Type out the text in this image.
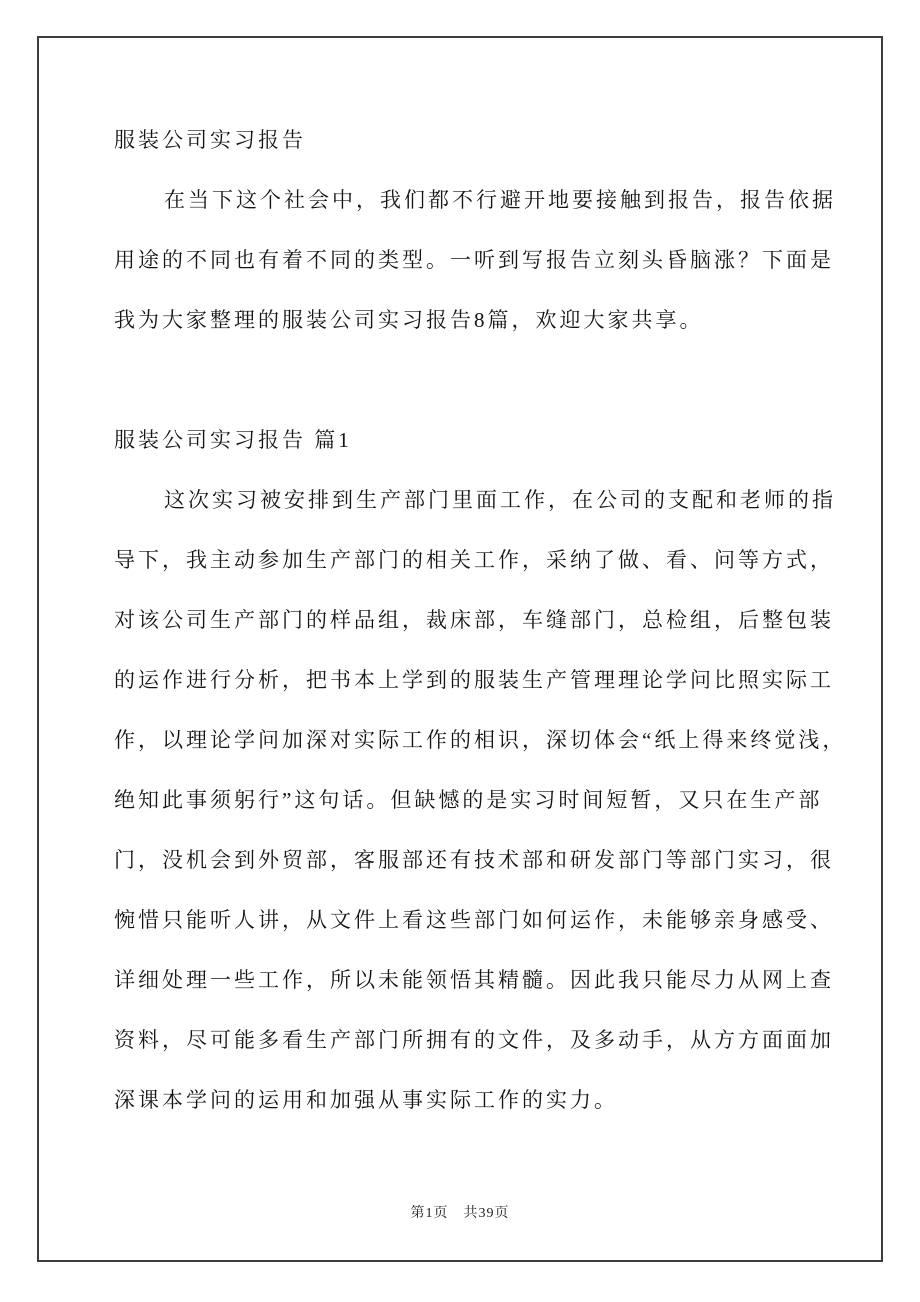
服装公司实习报告
在当下这个社会中，我们都不行避开地要接触到报告，报告依据
用途的不同也有着不同的类型。一听到写报告立刻头昏脑涨？下面是
我为大家整理的服装公司实习报告8篇，欢迎大家共享。
服装公司实习报告 篇1
这次实习被安排到生产部门里面工作，在公司的支配和老师的指
导下，我主动参加生产部门的相关工作，采纳了做、看、问等方式，
对该公司生产部门的样品组，裁床部，车缝部门，总检组，后整包装
的运作进行分析，把书本上学到的服装生产管理理论学问比照实际工
作，以理论学问加深对实际工作的相识，深切体会“纸上得来终觉浅，
绝知此事须躬行”这句话。但缺憾的是实习时间短暂，又只在生产部
门，没机会到外贸部，客服部还有技术部和研发部门等部门实习，很
惋惜只能听人讲，从文件上看这些部门如何运作，未能够亲身感受、
详细处理一些工作，所以未能领悟其精髓。因此我只能尽力从网上查
资料，尽可能多看生产部门所拥有的文件，及多动手，从方方面面加
深课本学问的运用和加强从事实际工作的实力。
第1页　共39页
